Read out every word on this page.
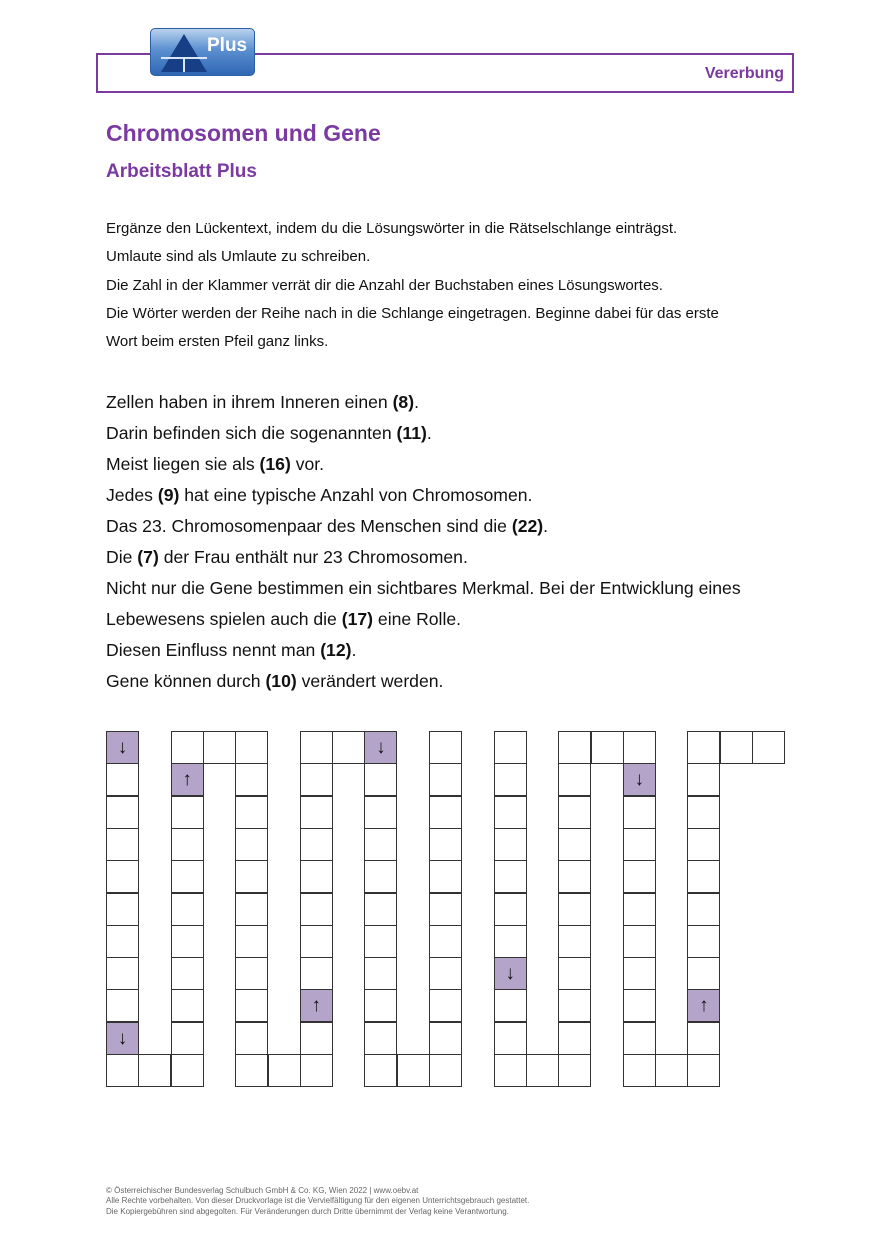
Vererbung
Plus
Chromosomen und Gene
Arbeitsblatt Plus
Ergänze den Lückentext, indem du die Lösungswörter in die Rätselschlange einträgst.
Umlaute sind als Umlaute zu schreiben.
Die Zahl in der Klammer verrät dir die Anzahl der Buchstaben eines Lösungswortes.
Die Wörter werden der Reihe nach in die Schlange eingetragen. Beginne dabei für das erste
Wort beim ersten Pfeil ganz links.
Zellen haben in ihrem Inneren einen (8).
Darin befinden sich die sogenannten (11).
Meist liegen sie als (16) vor.
Jedes (9) hat eine typische Anzahl von Chromosomen.
Das 23. Chromosomenpaar des Menschen sind die (22).
Die (7) der Frau enthält nur 23 Chromosomen.
Nicht nur die Gene bestimmen ein sichtbares Merkmal. Bei der Entwicklung eines
Lebewesens spielen auch die (17) eine Rolle.
Diesen Einfluss nennt man (12).
Gene können durch (10) verändert werden.
↓
↓
↑
↑
↓
↓
↓
↑
© Österreichischer Bundesverlag Schulbuch GmbH & Co. KG, Wien 2022 | www.oebv.at
Alle Rechte vorbehalten. Von dieser Druckvorlage ist die Vervielfältigung für den eigenen Unterrichtsgebrauch gestattet.
Die Kopiergebühren sind abgegolten. Für Veränderungen durch Dritte übernimmt der Verlag keine Verantwortung.
